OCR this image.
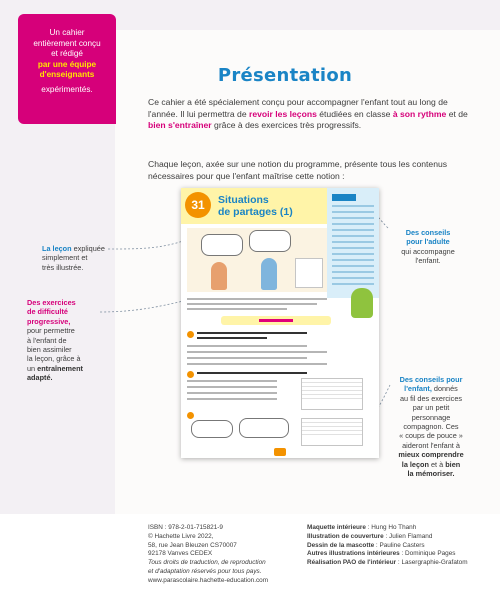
Un cahier
entièrement conçu
et rédigé
par une équipe
d'enseignants
expérimentés.
Présentation
Ce cahier a été spécialement conçu pour accompagner l'enfant tout au long de l'année. Il lui permettra de revoir les leçons étudiées en classe à son rythme et de bien s'entraîner grâce à des exercices très progressifs.
Chaque leçon, axée sur une notion du programme, présente tous les contenus nécessaires pour que l'enfant maîtrise cette notion :
La leçon expliquée
simplement et
très illustrée.
Des exercices
de difficulté
progressive,
pour permettre
à l'enfant de
bien assimiler
la leçon, grâce à
un entraînement
adapté.
Des conseils
pour l'adulte
qui accompagne
l'enfant.
Des conseils pour
l'enfant, donnés
au fil des exercices
par un petit
personnage
compagnon. Ces
« coups de pouce »
aideront l'enfant à
mieux comprendre
la leçon et à bien
la mémoriser.
31	Situations
de partages (1)
ISBN : 978-2-01-715821-9
© Hachette Livre 2022,
58, rue Jean Bleuzen CS70007
92178 Vanves CEDEX
Tous droits de traduction, de reproduction
et d'adaptation réservés pour tous pays.
www.parascolaire.hachette-education.com
Maquette intérieure : Hung Ho Thanh
Illustration de couverture : Julien Flamand
Dessin de la mascotte : Pauline Casters
Autres illustrations intérieures : Dominique Pages
Réalisation PAO de l'intérieur : Lasergraphie-Grafatom
